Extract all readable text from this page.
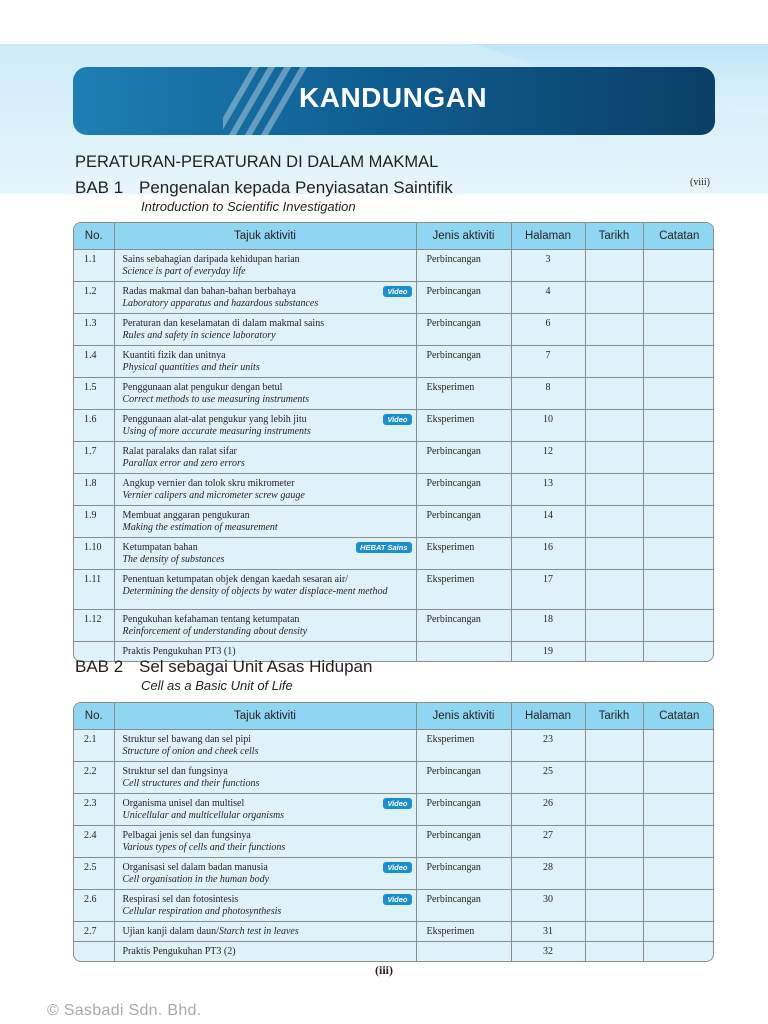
KANDUNGAN
PERATURAN-PERATURAN DI DALAM MAKMAL
(viii)
BAB 1 Pengenalan kepada Penyiasatan Saintifik
Introduction to Scientific Investigation
No.	Tajuk aktiviti	Jenis aktiviti	Halaman	Tarikh	Catatan
1.1	Sains sebahagian daripada kehidupan harian
Science is part of everyday life	Perbincangan	3		
1.2	Radas makmal dan bahan-bahan berbahaya
Laboratory apparatus and hazardous substances
Video	Perbincangan	4		
1.3	Peraturan dan keselamatan di dalam makmal sains
Rules and safety in science laboratory	Perbincangan	6		
1.4	Kuantiti fizik dan unitnya
Physical quantities and their units	Perbincangan	7		
1.5	Penggunaan alat pengukur dengan betul
Correct methods to use measuring instruments	Eksperimen	8		
1.6	Penggunaan alat-alat pengukur yang lebih jitu
Using of more accurate measuring instruments
Video	Eksperimen	10		
1.7	Ralat paralaks dan ralat sifar
Parallax error and zero errors	Perbincangan	12		
1.8	Angkup vernier dan tolok skru mikrometer
Vernier calipers and micrometer screw gauge	Perbincangan	13		
1.9	Membuat anggaran pengukuran
Making the estimation of measurement	Perbincangan	14		
1.10	Ketumpatan bahan
The density of substances
HEBAT Sains	Eksperimen	16		
1.11	Penentuan ketumpatan objek dengan kaedah sesaran air/
Determining the density of objects by water displace-ment method	Eksperimen	17		
1.12	Pengukuhan kefahaman tentang ketumpatan
Reinforcement of understanding about density	Perbincangan	18		

	Praktis Pengukuhan PT3 (1)		19		
BAB 2 Sel sebagai Unit Asas Hidupan
Cell as a Basic Unit of Life
No.	Tajuk aktiviti	Jenis aktiviti	Halaman	Tarikh	Catatan
2.1	Struktur sel bawang dan sel pipi
Structure of onion and cheek cells	Eksperimen	23		
2.2	Struktur sel dan fungsinya
Cell structures and their functions	Perbincangan	25		
2.3	Organisma unisel dan multisel
Unicellular and multicellular organisms
Video	Perbincangan	26		
2.4	Pelbagai jenis sel dan fungsinya
Various types of cells and their functions	Perbincangan	27		
2.5	Organisasi sel dalam badan manusia
Cell organisation in the human body
Video	Perbincangan	28		
2.6	Respirasi sel dan fotosintesis
Cellular respiration and photosynthesis
Video	Perbincangan	30		
2.7	Ujian kanji dalam daun/Starch test in leaves	Eksperimen	31		

	Praktis Pengukuhan PT3 (2)		32		
(iii)
© Sasbadi Sdn. Bhd.
